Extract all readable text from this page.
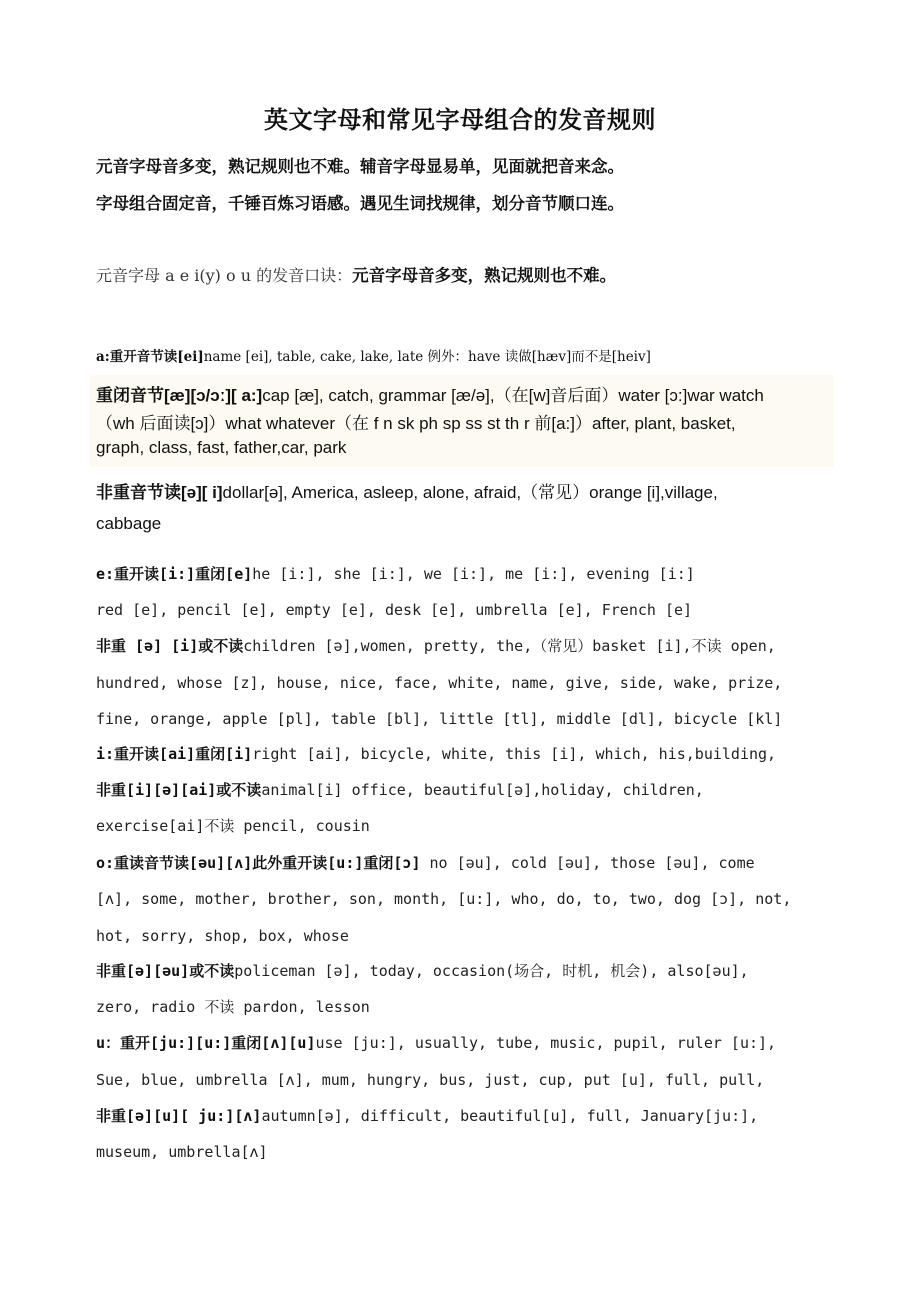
英文字母和常见字母组合的发音规则
元音字母音多变，熟记规则也不难。辅音字母显易单，见面就把音来念。
字母组合固定音，千锤百炼习语感。遇见生词找规律，划分音节顺口连。
元音字母 a e i(y) o u 的发音口诀：元音字母音多变，熟记规则也不难。
a:重开音节读[ei]name [ei], table, cake, lake, late 例外：have 读做[hæv]而不是[heiv]
重闭音节[æ][ɔ/ɔː][ a:]cap [æ], catch, grammar [æ/ə],（在[w]音后面）water [ɔ:]war watch
（wh 后面读[ɔ]）what whatever（在 f n sk ph sp ss st th r 前[a:]）after, plant, basket,
graph, class, fast, father,car, park
非重音节读[ə][ i]dollar[ə], America, asleep, alone, afraid,（常见）orange [i],village,
cabbage
e:重开读[i:]重闭[e]he [i:], she [i:], we [i:], me [i:], evening [i:]
red [e], pencil [e], empty [e], desk [e], umbrella [e], French [e]
非重 [ə] [i]或不读children [ə],women, pretty, the,（常见）basket [i],不读 open,
hundred, whose [z], house, nice, face, white, name, give, side, wake, prize,
fine, orange, apple [pl], table [bl], little [tl], middle [dl], bicycle [kl]
i:重开读[ai]重闭[i]right [ai], bicycle, white, this [i], which, his,building,
非重[i][ə][ai]或不读animal[i] office, beautiful[ə],holiday, children,
exercise[ai]不读 pencil, cousin
o:重读音节读[əu][ʌ]此外重开读[u:]重闭[ɔ] no [əu], cold [əu], those [əu], come
[ʌ], some, mother, brother, son, month, [u:], who, do, to, two, dog [ɔ], not,
hot, sorry, shop, box, whose
非重[ə][əu]或不读policeman [ə], today, occasion(场合, 时机, 机会), also[əu],
zero, radio 不读 pardon, lesson
u：重开[ju:][u:]重闭[ʌ][u]use [ju:], usually, tube, music, pupil, ruler [u:],
Sue, blue, umbrella [ʌ], mum, hungry, bus, just, cup, put [u], full, pull,
非重[ə][u][ ju:][ʌ]autumn[ə], difficult, beautiful[u], full, January[ju:],
museum, umbrella[ʌ]
